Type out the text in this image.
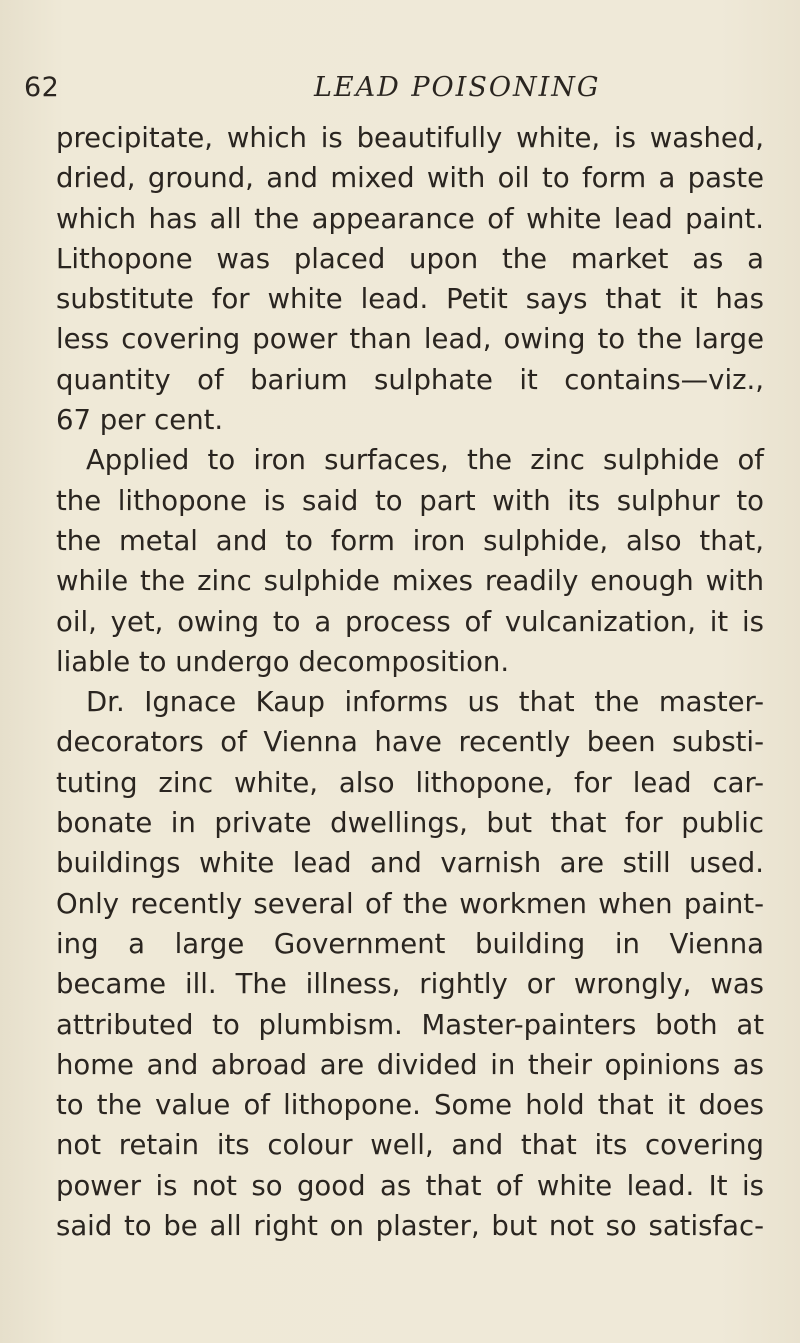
62	LEAD POISONING
precipitate, which is beautifully white, is washed,
dried, ground, and mixed with oil to form a paste
which has all the appearance of white lead paint.
Lithopone was placed upon the market as a
substitute for white lead. Petit says that it has
less covering power than lead, owing to the large
quantity of barium sulphate it contains—viz.,
67 per cent.
Applied to iron surfaces, the zinc sulphide of
the lithopone is said to part with its sulphur to
the metal and to form iron sulphide, also that,
while the zinc sulphide mixes readily enough with
oil, yet, owing to a process of vulcanization, it is
liable to undergo decomposition.
Dr. Ignace Kaup informs us that the master-
decorators of Vienna have recently been substi-
tuting zinc white, also lithopone, for lead car-
bonate in private dwellings, but that for public
buildings white lead and varnish are still used.
Only recently several of the workmen when paint-
ing a large Government building in Vienna
became ill. The illness, rightly or wrongly, was
attributed to plumbism. Master-painters both at
home and abroad are divided in their opinions as
to the value of lithopone. Some hold that it does
not retain its colour well, and that its covering
power is not so good as that of white lead. It is
said to be all right on plaster, but not so satisfac-
